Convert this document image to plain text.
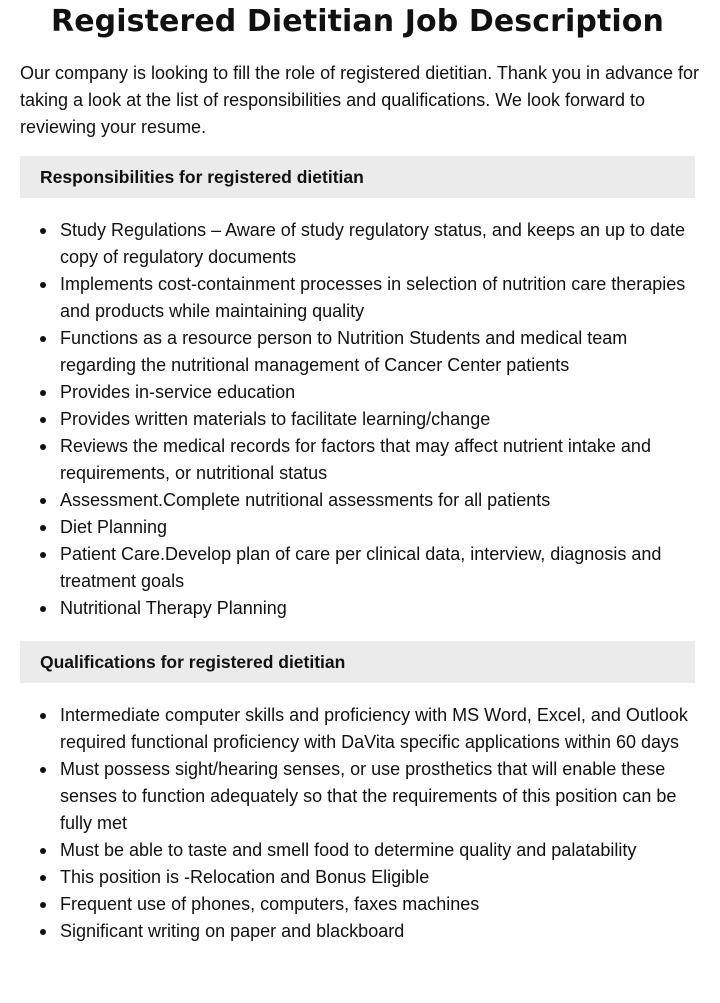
Registered Dietitian Job Description

Our company is looking to fill the role of registered dietitian. Thank you in advance for taking a look at the list of responsibilities and qualifications. We look forward to reviewing your resume.

Responsibilities for registered dietitian
Study Regulations – Aware of study regulatory status, and keeps an up to date copy of regulatory documents
Implements cost-containment processes in selection of nutrition care therapies and products while maintaining quality
Functions as a resource person to Nutrition Students and medical team regarding the nutritional management of Cancer Center patients
Provides in-service education
Provides written materials to facilitate learning/change
Reviews the medical records for factors that may affect nutrient intake and requirements, or nutritional status
Assessment.Complete nutritional assessments for all patients
Diet Planning
Patient Care.Develop plan of care per clinical data, interview, diagnosis and treatment goals
Nutritional Therapy Planning
Qualifications for registered dietitian
Intermediate computer skills and proficiency with MS Word, Excel, and Outlook required functional proficiency with DaVita specific applications within 60 days
Must possess sight/hearing senses, or use prosthetics that will enable these senses to function adequately so that the requirements of this position can be fully met
Must be able to taste and smell food to determine quality and palatability
This position is -Relocation and Bonus Eligible
Frequent use of phones, computers, faxes machines
Significant writing on paper and blackboard
